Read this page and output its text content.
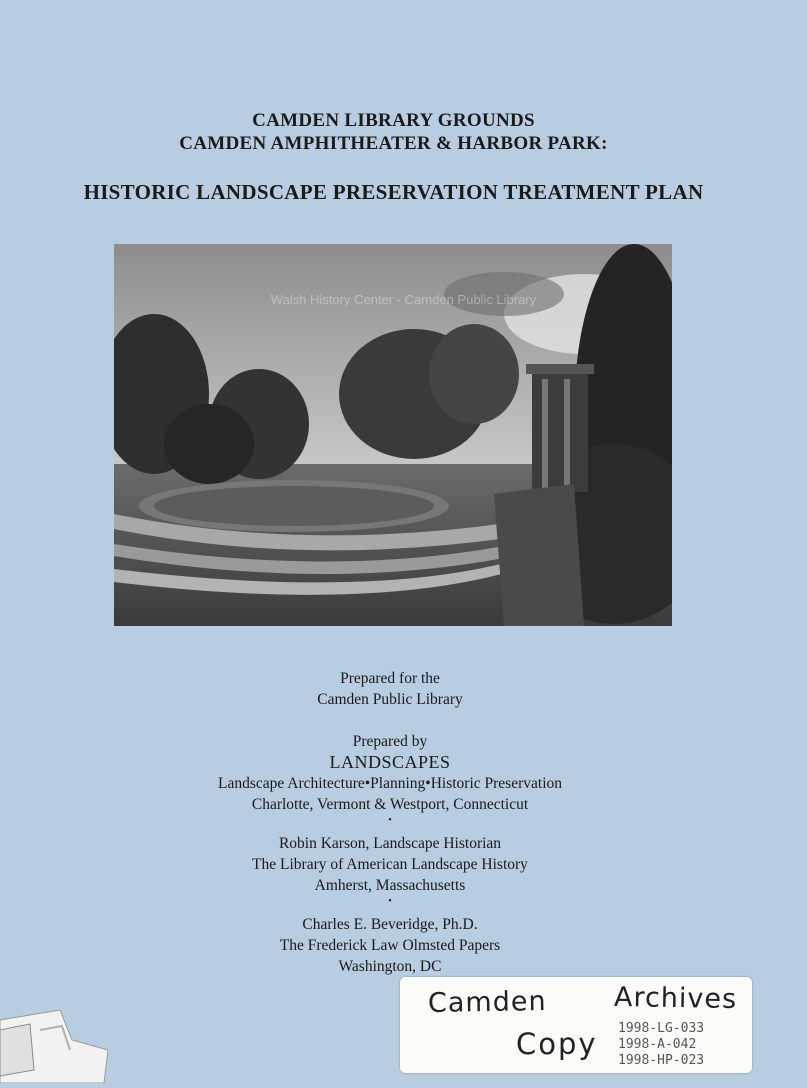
CAMDEN LIBRARY GROUNDS
CAMDEN AMPHITHEATER & HARBOR PARK:
HISTORIC LANDSCAPE PRESERVATION TREATMENT PLAN
Walsh History Center - Camden Public Library
Prepared for the
Camden Public Library
Prepared by
LANDSCAPES
Landscape Architecture•Planning•Historic Preservation
Charlotte, Vermont & Westport, Connecticut
•
Robin Karson, Landscape Historian
The Library of American Landscape History
Amherst, Massachusetts
•
Charles E. Beveridge, Ph.D.
The Frederick Law Olmsted Papers
Washington, DC
Camden Archives
Copy 1998-LG-033
1998-A-042
1998-HP-023
